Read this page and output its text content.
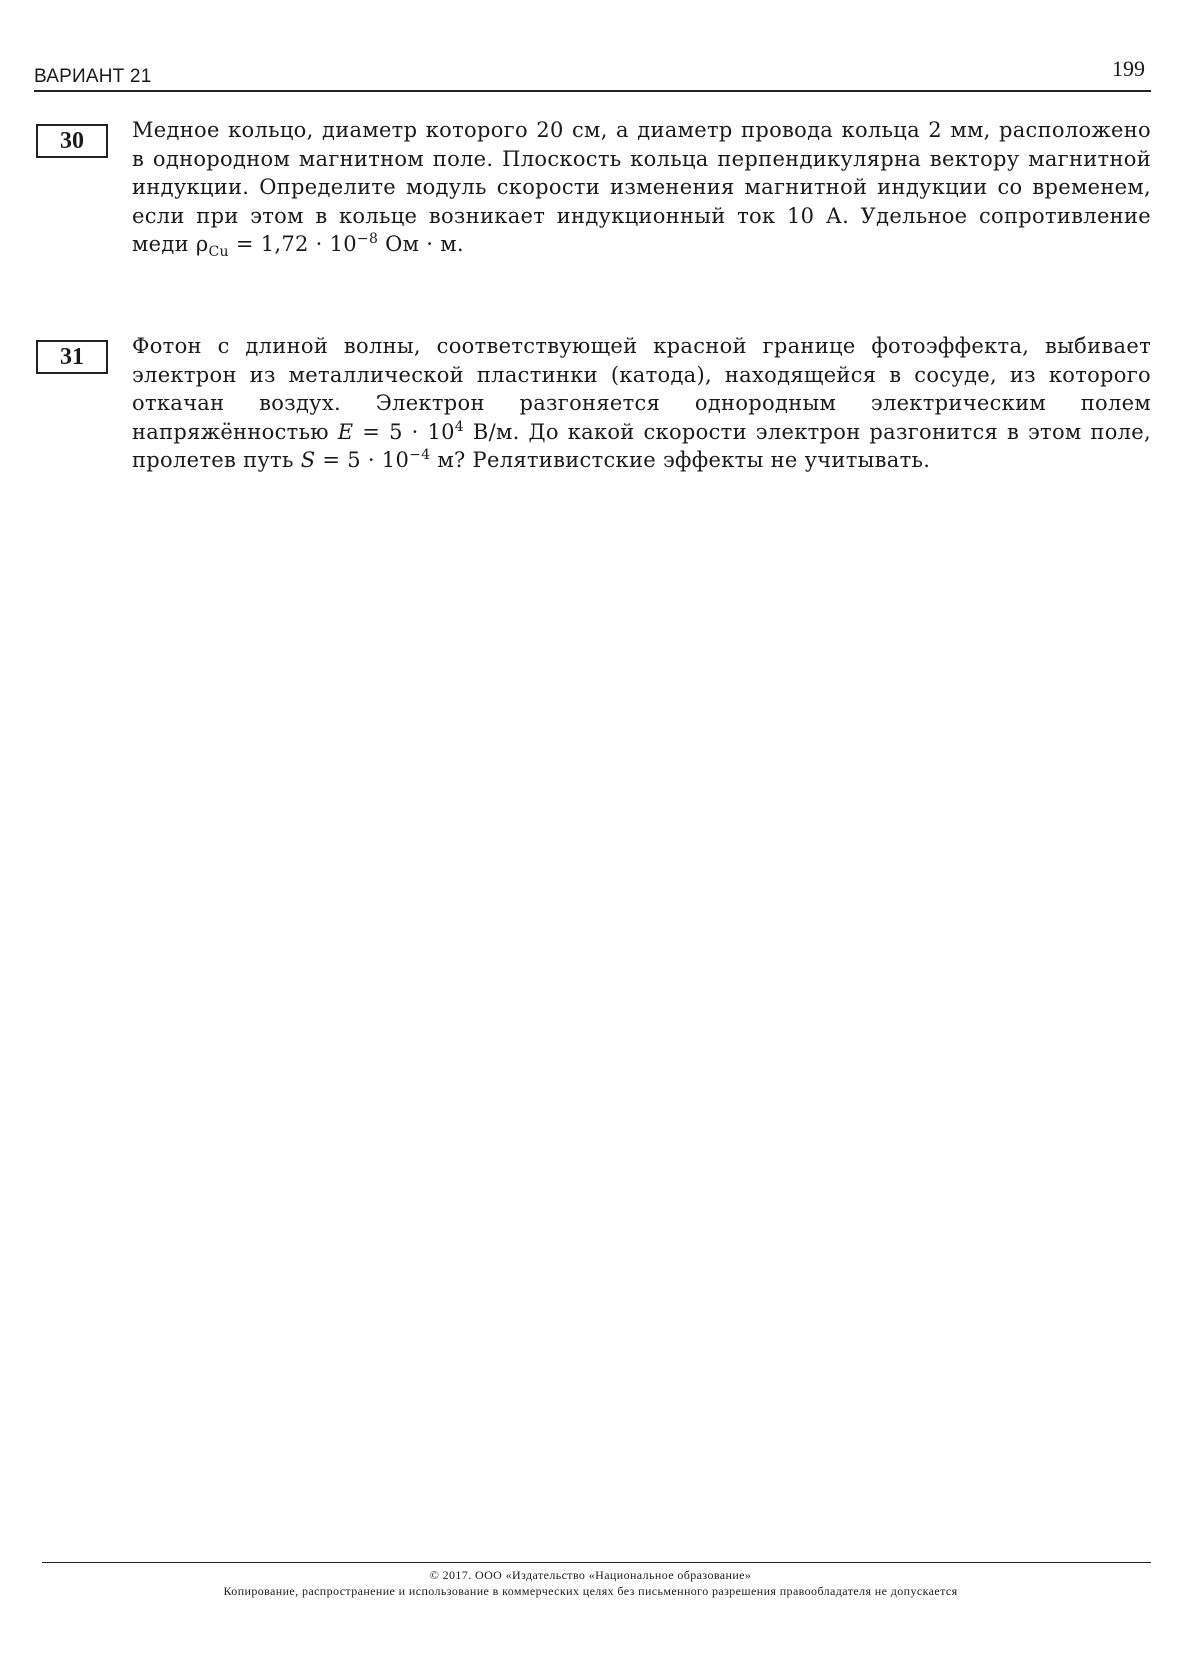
ВАРИАНТ 21	199
30	Медное кольцо, диаметр которого 20 см, а диаметр провода кольца 2 мм, расположено в однородном магнитном поле. Плоскость кольца перпендикулярна вектору магнитной индукции. Определите модуль скорости изменения магнитной индукции со временем, если при этом в кольце возникает индукционный ток 10 А. Удельное сопротивление меди $\rho_{Cu} = 1,72 \cdot 10^{-8}$ Ом · м.
31	Фотон с длиной волны, соответствующей красной границе фотоэффекта, выбивает электрон из металлической пластинки (катода), находящейся в сосуде, из которого откачан воздух. Электрон разгоняется однородным электрическим полем напряжённостью $E = 5 \cdot 10^4$ В/м. До какой скорости электрон разгонится в этом поле, пролетев путь $S = 5 \cdot 10^{-4}$ м? Релятивистские эффекты не учитывать.
© 2017. ООО «Издательство «Национальное образование»
Копирование, распространение и использование в коммерческих целях без письменного разрешения правообладателя не допускается
